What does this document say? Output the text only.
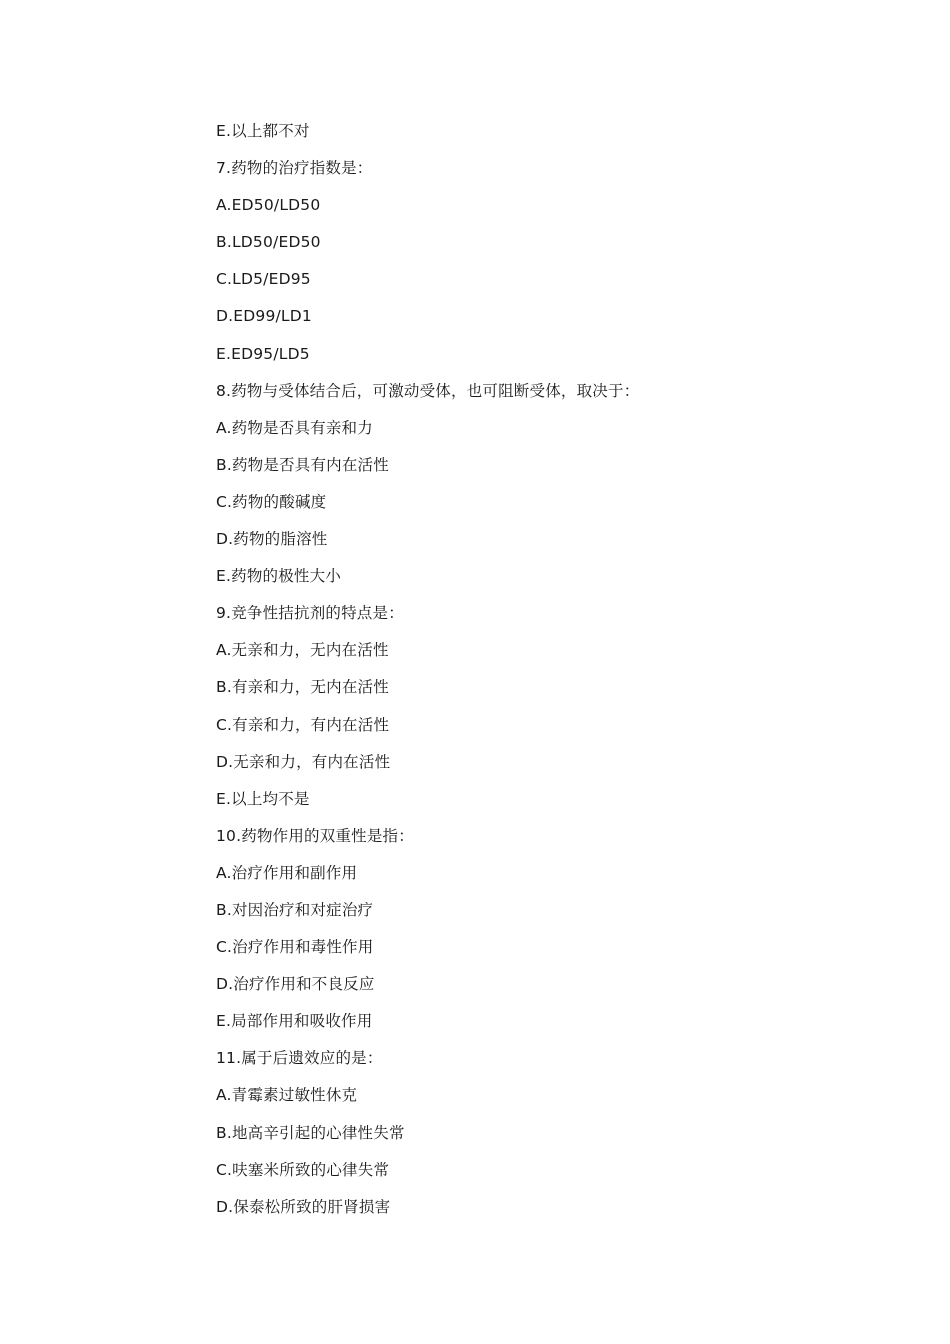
E.以上都不对
7.药物的治疗指数是：
A.ED50/LD50
B.LD50/ED50
C.LD5/ED95
D.ED99/LD1
E.ED95/LD5
8.药物与受体结合后，可激动受体，也可阻断受体，取决于：
A.药物是否具有亲和力
B.药物是否具有内在活性
C.药物的酸碱度
D.药物的脂溶性
E.药物的极性大小
9.竞争性拮抗剂的特点是：
A.无亲和力，无内在活性
B.有亲和力，无内在活性
C.有亲和力，有内在活性
D.无亲和力，有内在活性
E.以上均不是
10.药物作用的双重性是指：
A.治疗作用和副作用
B.对因治疗和对症治疗
C.治疗作用和毒性作用
D.治疗作用和不良反应
E.局部作用和吸收作用
11.属于后遗效应的是：
A.青霉素过敏性休克
B.地高辛引起的心律性失常
C.呋塞米所致的心律失常
D.保泰松所致的肝肾损害
